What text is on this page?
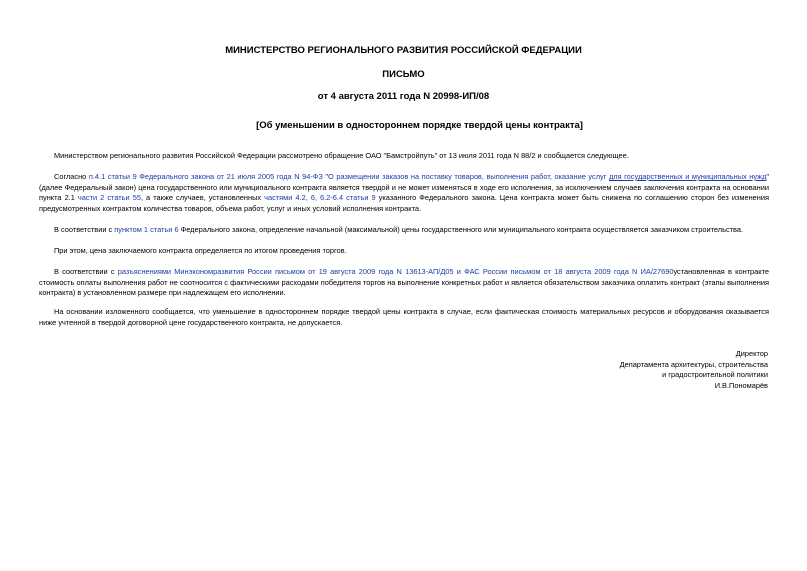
МИНИСТЕРСТВО РЕГИОНАЛЬНОГО РАЗВИТИЯ РОССИЙСКОЙ ФЕДЕРАЦИИ
ПИСЬМО
от 4 августа 2011 года N 20998-ИП/08
[Об уменьшении в одностороннем порядке твердой цены контракта]
Министерством регионального развития Российской Федерации рассмотрено обращение ОАО "Бамстройпуть" от 13 июля 2011 года N 88/2 и сообщается следующее.
Согласно п.4.1 статьи 9 Федерального закона от 21 июля 2005 года N 94-ФЗ "О размещении заказов на поставку товаров, выполнения работ, оказание услуг для государственных и муниципальных нужд"(далее Федеральный закон) цена государственного или муниципального контракта является твердой и не может изменяться в ходе его исполнения, за исключением случаев заключения контракта на основании пункта 2.1 части 2 статьи 55, а также случаев, установленных частями 4.2, 6, 6.2-6.4 статьи 9 указанного Федерального закона. Цена контракта может быть снижена по соглашению сторон без изменения предусмотренных контрактом количества товаров, объема работ, услуг и иных условий исполнения контракта.
В соответствии с пунктом 1 статьи 6 Федерального закона, определение начальной (максимальной) цены государственного или муниципального контракта осуществляется заказчиком строительства.
При этом, цена заключаемого контракта определяется по итогом проведения торгов.
В соответствии с разъяснениями Минэкономразвития России письмом от 19 августа 2009 года N 13613-АП/Д05 и ФАС России письмом от 18 августа 2009 года N ИА/27690установленная в контракте стоимость оплаты выполнения работ не соотносится с фактическими расходами победителя торгов на выполнение конкретных работ и является обязательством заказчика оплатить контракт (этапы выполнения контракта) в установленном размере при надлежащем его исполнении.
На основании изложенного сообщается, что уменьшение в одностороннем порядке твердой цены контракта в случае, если фактическая стоимость материальных ресурсов и оборудования оказывается ниже учтенной в твердой договорной цене государственного контракта, не допускается.
Директор
Департамента архитектуры, строительства
и градостроительной политики
И.В.Пономарёв
